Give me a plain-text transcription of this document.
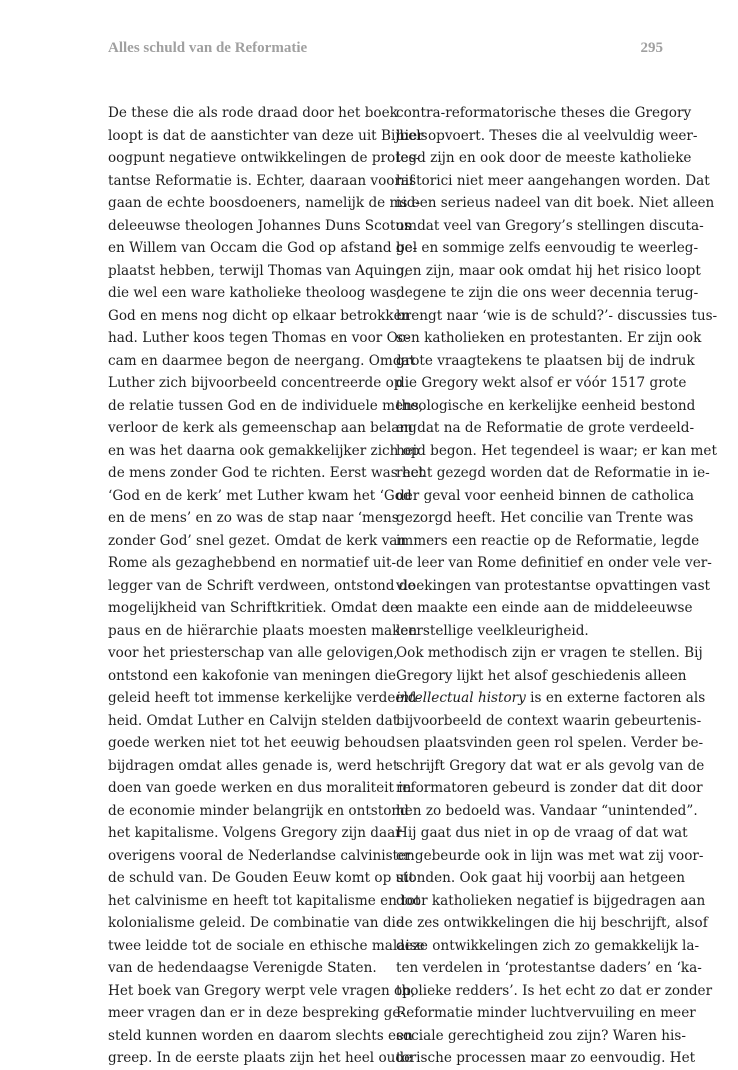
Alles schuld van de Reformatie	295
De these die als rode draad door het boek
loopt is dat de aanstichter van deze uit Bijbels
oogpunt negatieve ontwikkelingen de protes-
tantse Reformatie is. Echter, daaraan vooraf
gaan de echte boosdoeners, namelijk de mid-
deleeuwse theologen Johannes Duns Scotus
en Willem van Occam die God op afstand ge-
plaatst hebben, terwijl Thomas van Aquino,
die wel een ware katholieke theoloog was,
God en mens nog dicht op elkaar betrokken
had. Luther koos tegen Thomas en voor Oc-
cam en daarmee begon de neergang. Omdat
Luther zich bijvoorbeeld concentreerde op
de relatie tussen God en de individuele mens,
verloor de kerk als gemeenschap aan belang
en was het daarna ook gemakkelijker zich op
de mens zonder God te richten. Eerst was het
‘God en de kerk’ met Luther kwam het ‘God
en de mens’ en zo was de stap naar ‘mens
zonder God’ snel gezet. Omdat de kerk van
Rome als gezaghebbend en normatief uit-
legger van de Schrift verdween, ontstond de
mogelijkheid van Schriftkritiek. Omdat de
paus en de hiërarchie plaats moesten maken
voor het priesterschap van alle gelovigen,
ontstond een kakofonie van meningen die
geleid heeft tot immense kerkelijke verdeeld-
heid. Omdat Luther en Calvijn stelden dat
goede werken niet tot het eeuwig behoud
bijdragen omdat alles genade is, werd het
doen van goede werken en dus moraliteit in
de economie minder belangrijk en ontstond
het kapitalisme. Volgens Gregory zijn daar
overigens vooral de Nederlandse calvinisten
de schuld van. De Gouden Eeuw komt op uit
het calvinisme en heeft tot kapitalisme en tot
kolonialisme geleid. De combinatie van die
twee leidde tot de sociale en ethische malaise
van de hedendaagse Verenigde Staten.
Het boek van Gregory werpt vele vragen op,
meer vragen dan er in deze bespreking ge-
steld kunnen worden en daarom slechts een
greep. In de eerste plaats zijn het heel oude
contra-reformatorische theses die Gregory
hier opvoert. Theses die al veelvuldig weer-
legd zijn en ook door de meeste katholieke
historici niet meer aangehangen worden. Dat
is een serieus nadeel van dit boek. Niet alleen
omdat veel van Gregory’s stellingen discuta-
bel en sommige zelfs eenvoudig te weerleg-
gen zijn, maar ook omdat hij het risico loopt
degene te zijn die ons weer decennia terug-
brengt naar ‘wie is de schuld?’- discussies tus-
sen katholieken en protestanten. Er zijn ook
grote vraagtekens te plaatsen bij de indruk
die Gregory wekt alsof er vóór 1517 grote
theologische en kerkelijke eenheid bestond
en dat na de Reformatie de grote verdeeld-
heid begon. Het tegendeel is waar; er kan met
recht gezegd worden dat de Reformatie in ie-
der geval voor eenheid binnen de catholica
gezorgd heeft. Het concilie van Trente was
immers een reactie op de Reformatie, legde
de leer van Rome definitief en onder vele ver-
vloekingen van protestantse opvattingen vast
en maakte een einde aan de middeleeuwse
leerstellige veelkleurigheid.
Ook methodisch zijn er vragen te stellen. Bij
Gregory lijkt het alsof geschiedenis alleen
intellectual history is en externe factoren als
bijvoorbeeld de context waarin gebeurtenis-
sen plaatsvinden geen rol spelen. Verder be-
schrijft Gregory dat wat er als gevolg van de
reformatoren gebeurd is zonder dat dit door
hen zo bedoeld was. Vandaar “unintended”.
Hij gaat dus niet in op de vraag of dat wat
er gebeurde ook in lijn was met wat zij voor-
stonden. Ook gaat hij voorbij aan hetgeen
door katholieken negatief is bijgedragen aan
de zes ontwikkelingen die hij beschrijft, alsof
deze ontwikkelingen zich zo gemakkelijk la-
ten verdelen in ‘protestantse daders’ en ‘ka-
tholieke redders’. Is het echt zo dat er zonder
Reformatie minder luchtvervuiling en meer
sociale gerechtigheid zou zijn? Waren his-
torische processen maar zo eenvoudig. Het
